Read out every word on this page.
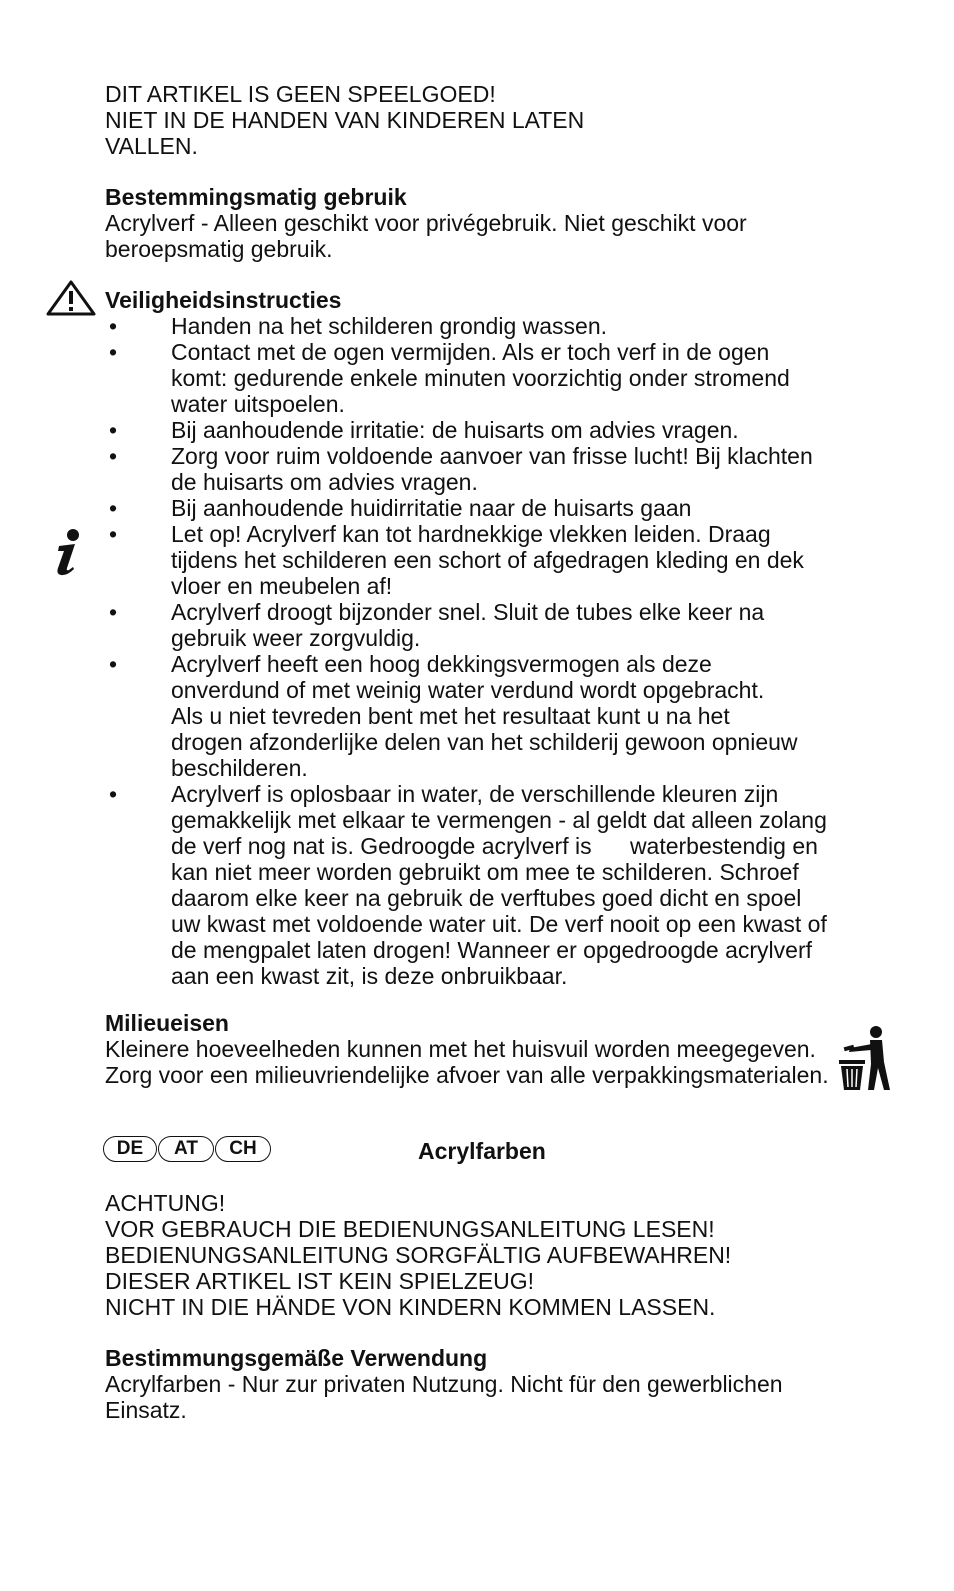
DIT ARTIKEL IS GEEN SPEELGOED!
NIET IN DE HANDEN VAN KINDEREN LATEN
VALLEN.
Bestemmingsmatig gebruik
Acrylverf - Alleen geschikt voor privégebruik. Niet geschikt voor
beroepsmatig gebruik.
Veiligheidsinstructies
• Handen na het schilderen grondig wassen.
• Contact met de ogen vermijden. Als er toch verf in de ogen
komt: gedurende enkele minuten voorzichtig onder stromend
water uitspoelen.
• Bij aanhoudende irritatie: de huisarts om advies vragen.
• Zorg voor ruim voldoende aanvoer van frisse lucht! Bij klachten
de huisarts om advies vragen.
• Bij aanhoudende huidirritatie naar de huisarts gaan
• Let op! Acrylverf kan tot hardnekkige vlekken leiden. Draag
tijdens het schilderen een schort of afgedragen kleding en dek
vloer en meubelen af!
• Acrylverf droogt bijzonder snel. Sluit de tubes elke keer na
gebruik weer zorgvuldig.
• Acrylverf heeft een hoog dekkingsvermogen als deze
onverdund of met weinig water verdund wordt opgebracht.
Als u niet tevreden bent met het resultaat kunt u na het
drogen afzonderlijke delen van het schilderij gewoon opnieuw
beschilderen.
• Acrylverf is oplosbaar in water, de verschillende kleuren zijn
gemakkelijk met elkaar te vermengen - al geldt dat alleen zolang
de verf nog nat is. Gedroogde acrylverf is      waterbestendig en
kan niet meer worden gebruikt om mee te schilderen. Schroef
daarom elke keer na gebruik de verftubes goed dicht en spoel
uw kwast met voldoende water uit. De verf nooit op een kwast of
de mengpalet laten drogen! Wanneer er opgedroogde acrylverf
aan een kwast zit, is deze onbruikbaar.
Milieueisen
Kleinere hoeveelheden kunnen met het huisvuil worden meegegeven.
Zorg voor een milieuvriendelijke afvoer van alle verpakkingsmaterialen.
DE	AT	CH	Acrylfarben
ACHTUNG!
VOR GEBRAUCH DIE BEDIENUNGSANLEITUNG LESEN!
BEDIENUNGSANLEITUNG SORGFÄLTIG AUFBEWAHREN!
DIESER ARTIKEL IST KEIN SPIELZEUG!
NICHT IN DIE HÄNDE VON KINDERN KOMMEN LASSEN.
Bestimmungsgemäße Verwendung
Acrylfarben - Nur zur privaten Nutzung. Nicht für den gewerblichen
Einsatz.
